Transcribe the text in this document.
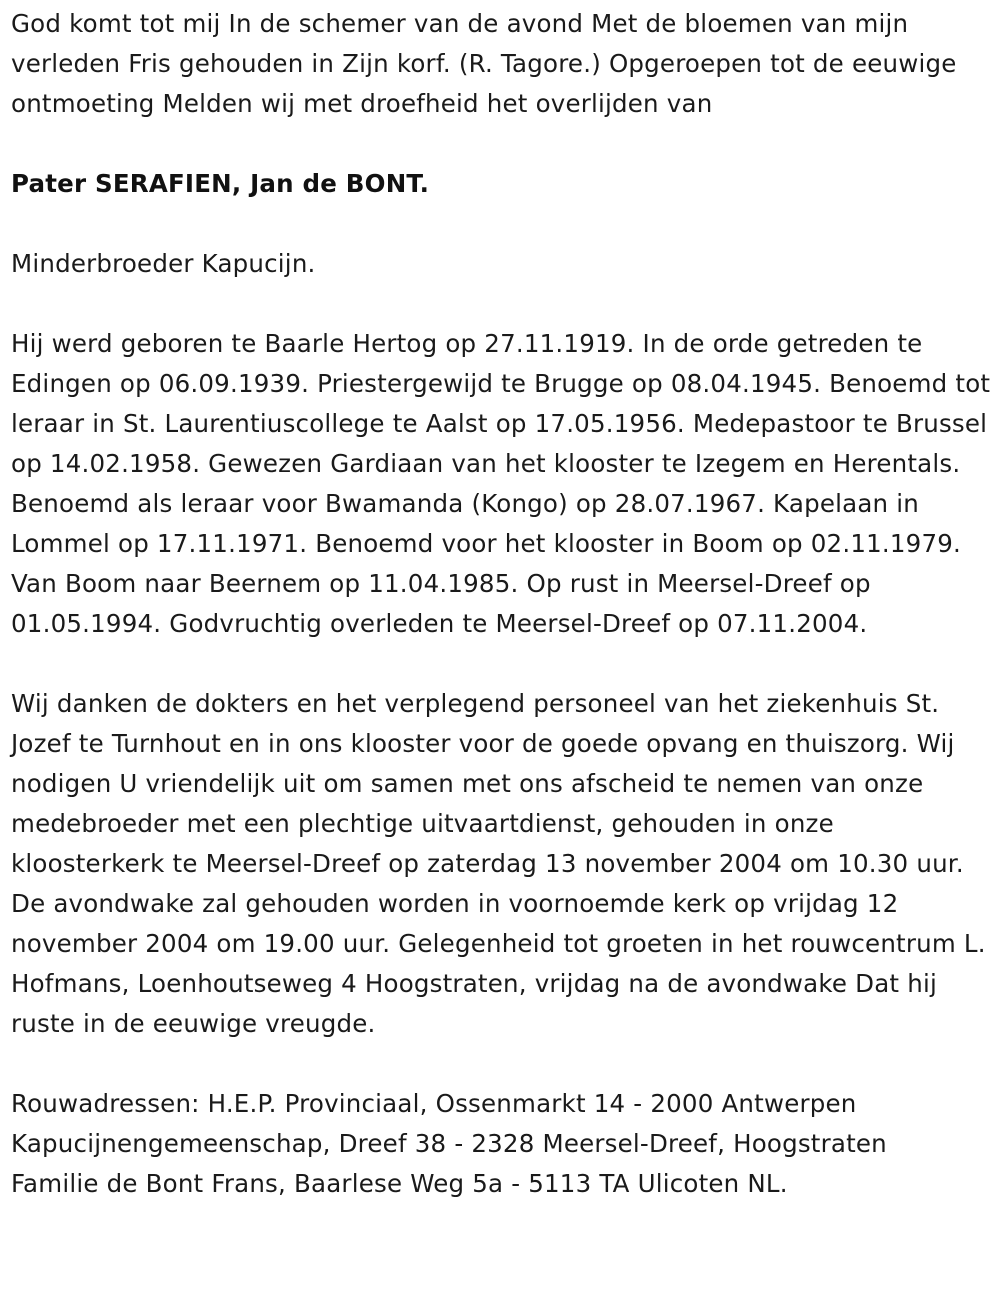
God komt tot mij In de schemer van de avond Met de bloemen van mijn verleden Fris gehouden in Zijn korf. (R. Tagore.) Opgeroepen tot de eeuwige ontmoeting Melden wij met droefheid het overlijden van

Pater SERAFIEN, Jan de BONT.

Minderbroeder Kapucijn.

Hij werd geboren te Baarle Hertog op 27.11.1919. In de orde getreden te Edingen op 06.09.1939. Priestergewijd te Brugge op 08.04.1945. Benoemd tot leraar in St. Laurentiuscollege te Aalst op 17.05.1956. Medepastoor te Brussel op 14.02.1958. Gewezen Gardiaan van het klooster te Izegem en Herentals. Benoemd als leraar voor Bwamanda (Kongo) op 28.07.1967. Kapelaan in Lommel op 17.11.1971. Benoemd voor het klooster in Boom op 02.11.1979. Van Boom naar Beernem op 11.04.1985. Op rust in Meersel-Dreef op 01.05.1994. Godvruchtig overleden te Meersel-Dreef op 07.11.2004.

Wij danken de dokters en het verplegend personeel van het ziekenhuis St. Jozef te Turnhout en in ons klooster voor de goede opvang en thuiszorg. Wij nodigen U vriendelijk uit om samen met ons afscheid te nemen van onze medebroeder met een plechtige uitvaartdienst, gehouden in onze kloosterkerk te Meersel-Dreef op zaterdag 13 november 2004 om 10.30 uur. De avondwake zal gehouden worden in voornoemde kerk op vrijdag 12 november 2004 om 19.00 uur. Gelegenheid tot groeten in het rouwcentrum L. Hofmans, Loenhoutseweg 4 Hoogstraten, vrijdag na de avondwake Dat hij ruste in de eeuwige vreugde.

Rouwadressen: H.E.P. Provinciaal, Ossenmarkt 14 - 2000 Antwerpen
Kapucijnengemeenschap, Dreef 38 - 2328 Meersel-Dreef, Hoogstraten
Familie de Bont Frans, Baarlese Weg 5a - 5113 TA Ulicoten NL.
